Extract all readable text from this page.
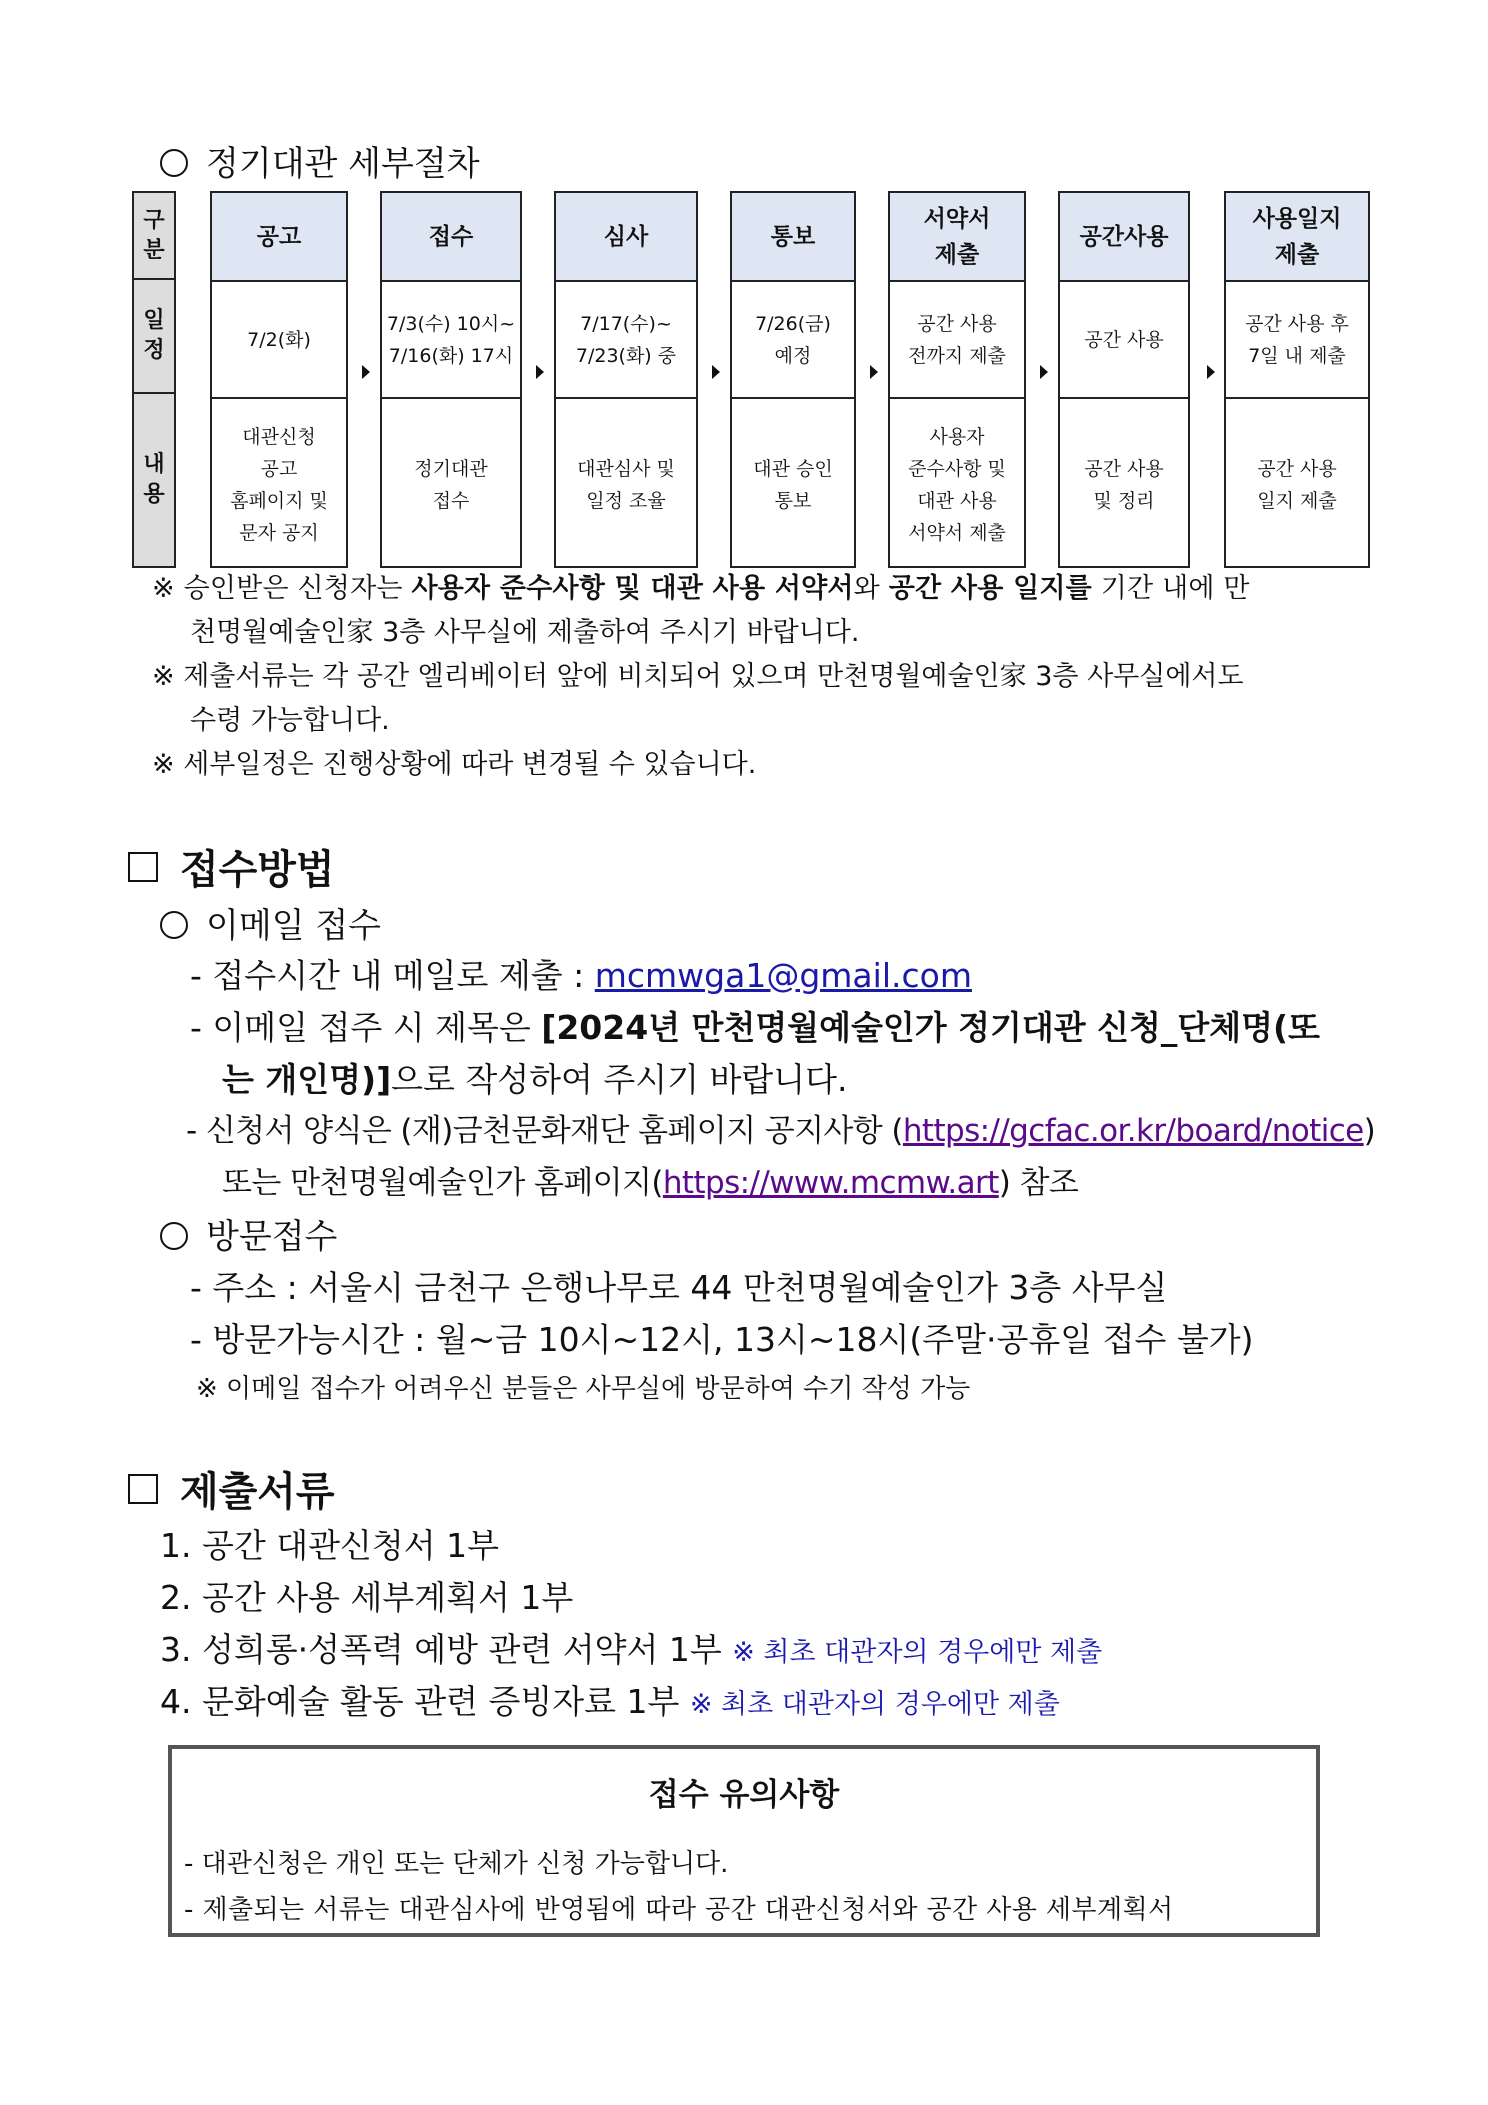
정기대관 세부절차
구
분
일
정
내
용
공고
7/2(화)
대관신청
공고
홈페이지 및
문자 공지
접수
7/3(수) 10시~
7/16(화) 17시
정기대관
접수
심사
7/17(수)~
7/23(화) 중
대관심사 및
일정 조율
통보
7/26(금)
예정
대관 승인
통보
서약서
제출
공간 사용
전까지 제출
사용자
준수사항 및
대관 사용
서약서 제출
공간사용
공간 사용
공간 사용
및 정리
사용일지
제출
공간 사용 후
7일 내 제출
공간 사용
일지 제출

※ 승인받은 신청자는 사용자 준수사항 및 대관 사용 서약서와 공간 사용 일지를 기간 내에 만

천명월예술인家 3층 사무실에 제출하여 주시기 바랍니다.

※ 제출서류는 각 공간 엘리베이터 앞에 비치되어 있으며 만천명월예술인家 3층 사무실에서도

수령 가능합니다.

※ 세부일정은 진행상황에 따라 변경될 수 있습니다.

접수방법
이메일 접수
- 접수시간 내 메일로 제출 : mcmwga1@gmail.com
- 이메일 접주 시 제목은 [2024년 만천명월예술인가 정기대관 신청_단체명(또
는 개인명)]으로 작성하여 주시기 바랍니다.
- 신청서 양식은 (재)금천문화재단 홈페이지 공지사항 (https://gcfac.or.kr/board/notice)
또는 만천명월예술인가 홈페이지(https://www.mcmw.art) 참조
방문접수
- 주소 : 서울시 금천구 은행나무로 44 만천명월예술인가 3층 사무실
- 방문가능시간 : 월~금 10시~12시, 13시~18시(주말·공휴일 접수 불가)
※ 이메일 접수가 어려우신 분들은 사무실에 방문하여 수기 작성 가능
제출서류
1. 공간 대관신청서 1부
2. 공간 사용 세부계획서 1부
3. 성희롱·성폭력 예방 관련 서약서 1부 ※ 최초 대관자의 경우에만 제출
4. 문화예술 활동 관련 증빙자료 1부 ※ 최초 대관자의 경우에만 제출
접수 유의사항
- 대관신청은 개인 또는 단체가 신청 가능합니다.
- 제출되는 서류는 대관심사에 반영됨에 따라 공간 대관신청서와 공간 사용 세부계획서
